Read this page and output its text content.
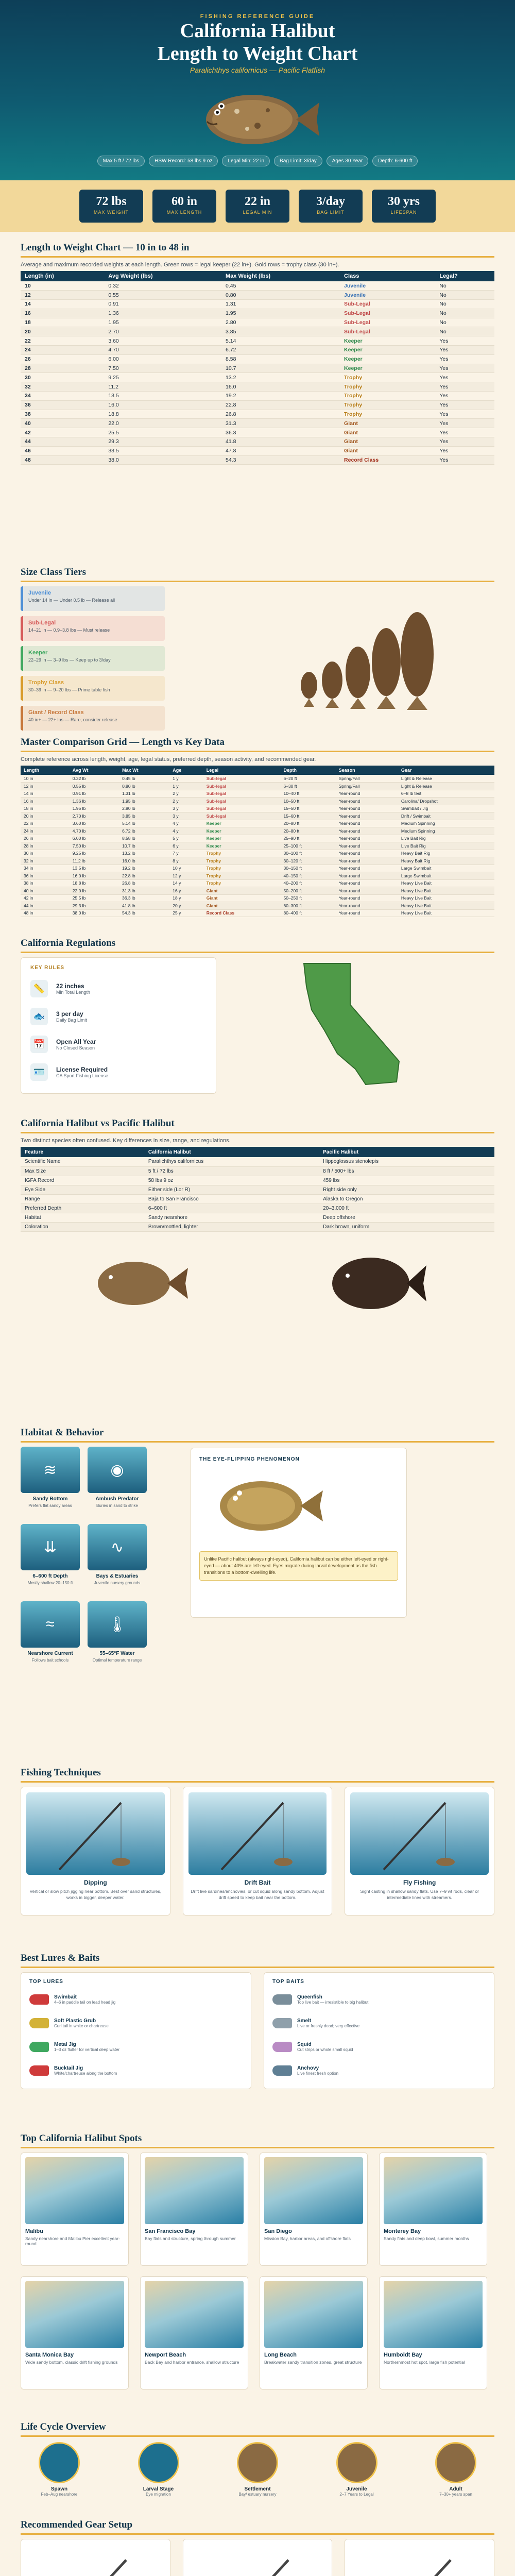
FISHING REFERENCE GUIDE
California Halibut
Length to Weight Chart
Paralichthys californicus — Pacific Flatfish
Max 5 ft / 72 lbs	HSW Record: 58 lbs 9 oz	Legal Min: 22 in	Bag Limit: 3/day	Ages 30 Year	Depth: 6-600 ft
72 lbs
MAX WEIGHT
60 in
MAX LENGTH
22 in
LEGAL MIN
3/day
BAG LIMIT
30 yrs
LIFESPAN
Length to Weight Chart — 10 in to 48 in
Average and maximum recorded weights at each length. Green rows = legal keeper (22 in+). Gold rows = trophy class (30 in+).
Length (in)	Avg Weight (lbs)	Max Weight (lbs)	Class	Legal?
10	0.32	0.45	Juvenile	No
12	0.55	0.80	Juvenile	No
14	0.91	1.31	Sub-Legal	No
16	1.36	1.95	Sub-Legal	No
18	1.95	2.80	Sub-Legal	No
20	2.70	3.85	Sub-Legal	No
22	3.60	5.14	Keeper	Yes
24	4.70	6.72	Keeper	Yes
26	6.00	8.58	Keeper	Yes
28	7.50	10.7	Keeper	Yes
30	9.25	13.2	Trophy	Yes
32	11.2	16.0	Trophy	Yes
34	13.5	19.2	Trophy	Yes
36	16.0	22.8	Trophy	Yes
38	18.8	26.8	Trophy	Yes
40	22.0	31.3	Giant	Yes
42	25.5	36.3	Giant	Yes
44	29.3	41.8	Giant	Yes
46	33.5	47.8	Giant	Yes
48	38.0	54.3	Record Class	Yes
Size Class Tiers
Juvenile
Under 14 in — Under 0.5 lb — Release all
Sub-Legal
14–21 in — 0.9–3.8 lbs — Must release
Keeper
22–29 in — 3–9 lbs — Keep up to 3/day
Trophy Class
30–39 in — 9–20 lbs — Prime table fish
Giant / Record Class
40 in+ — 22+ lbs — Rare; consider release
Master Comparison Grid — Length vs Key Data
Complete reference across length, weight, age, legal status, preferred depth, season activity, and recommended gear.
Length	Avg Wt	Max Wt	Age	Legal	Depth	Season	Gear
10 in	0.32 lb	0.45 lb	1 y	Sub-legal	6–20 ft	Spring/Fall	Light & Release
12 in	0.55 lb	0.80 lb	1 y	Sub-legal	6–30 ft	Spring/Fall	Light & Release
14 in	0.91 lb	1.31 lb	2 y	Sub-legal	10–40 ft	Year-round	6–8 lb test
16 in	1.36 lb	1.95 lb	2 y	Sub-legal	10–50 ft	Year-round	Carolina/ Dropshot
18 in	1.95 lb	2.80 lb	3 y	Sub-legal	15–50 ft	Year-round	Swimbait / Jig
20 in	2.70 lb	3.85 lb	3 y	Sub-legal	15–60 ft	Year-round	Drift / Swimbait
22 in	3.60 lb	5.14 lb	4 y	Keeper	20–80 ft	Year-round	Medium Spinning
24 in	4.70 lb	6.72 lb	4 y	Keeper	20–80 ft	Year-round	Medium Spinning
26 in	6.00 lb	8.58 lb	5 y	Keeper	25–90 ft	Year-round	Live Bait Rig
28 in	7.50 lb	10.7 lb	6 y	Keeper	25–100 ft	Year-round	Live Bait Rig
30 in	9.25 lb	13.2 lb	7 y	Trophy	30–100 ft	Year-round	Heavy Bait Rig
32 in	11.2 lb	16.0 lb	8 y	Trophy	30–120 ft	Year-round	Heavy Bait Rig
34 in	13.5 lb	19.2 lb	10 y	Trophy	30–150 ft	Year-round	Large Swimbait
36 in	16.0 lb	22.8 lb	12 y	Trophy	40–150 ft	Year-round	Large Swimbait
38 in	18.8 lb	26.8 lb	14 y	Trophy	40–200 ft	Year-round	Heavy Live Bait
40 in	22.0 lb	31.3 lb	16 y	Giant	50–200 ft	Year-round	Heavy Live Bait
42 in	25.5 lb	36.3 lb	18 y	Giant	50–250 ft	Year-round	Heavy Live Bait
44 in	29.3 lb	41.8 lb	20 y	Giant	60–300 ft	Year-round	Heavy Live Bait
48 in	38.0 lb	54.3 lb	25 y	Record Class	80–400 ft	Year-round	Heavy Live Bait
California Regulations
KEY RULES
📏	22 inches
Min Total Length
🐟	3 per day
Daily Bag Limit
📅	Open All Year
No Closed Season
🪪	License Required
CA Sport Fishing License
California Halibut vs Pacific Halibut
Two distinct species often confused. Key differences in size, range, and regulations.
Feature	California Halibut	Pacific Halibut
Scientific Name	Paralichthys californicus	Hippoglossus stenolepis
Max Size	5 ft / 72 lbs	8 ft / 500+ lbs
IGFA Record	58 lbs 9 oz	459 lbs
Eye Side	Either side (Lor R)	Right side only
Range	Baja to San Francisco	Alaska to Oregon
Preferred Depth	6–600 ft	20–3,000 ft
Habitat	Sandy nearshore	Deep offshore
Coloration	Brown/mottled, lighter	Dark brown, uniform
Habitat & Behavior
≋
Sandy Bottom
Prefers flat sandy areas
◉
Ambush Predator
Buries in sand to strike
⇊
6–600 ft Depth
Mostly shallow 20–150 ft
∿
Bays & Estuaries
Juvenile nursery grounds
≈
Nearshore Current
Follows bait schools
🌡
55–65°F Water
Optimal temperature range
THE EYE-FLIPPING PHENOMENON
Unlike Pacific halibut (always right-eyed), California halibut can be either left-eyed or right-eyed — about 40% are left-eyed. Eyes migrate during larval development as the fish transitions to a bottom-dwelling life.
Fishing Techniques
Dipping
Vertical or slow pitch jigging near bottom. Best over sand structures, works in bigger, deeper water.
Drift Bait
Drift live sardines/anchovies, or cut squid along sandy bottom. Adjust drift speed to keep bait near the bottom.
Fly Fishing
Sight casting in shallow sandy flats. Use 7–9 wt rods, clear or intermediate lines with streamers.
Best Lures & Baits
TOP LURES
Swimbait
4–6 in paddle tail on lead head jig
Soft Plastic Grub
Curl tail in white or chartreuse
Metal Jig
1–3 oz flutter for vertical deep water
Bucktail Jig
White/chartreuse along the bottom
TOP BAITS
Queenfish
Top live bait — irresistible to big halibut
Smelt
Live or freshly dead; very effective
Squid
Cut strips or whole small squid
Anchovy
Live finest fresh option
Top California Halibut Spots
Malibu
Sandy nearshore and Malibu Pier excellent year-round
San Francisco Bay
Bay flats and structure, spring through summer
San Diego
Mission Bay, harbor areas, and offshore flats
Monterey Bay
Sandy flats and deep bowl, summer months
Santa Monica Bay
Wide sandy bottom, classic drift fishing grounds
Newport Beach
Back Bay and harbor entrance, shallow structure
Long Beach
Breakwater sandy transition zones, great structure
Humboldt Bay
Northernmost hot spot, large fish potential
Life Cycle Overview
Spawn
Feb–Aug nearshore
Larval Stage
Eye migration
Settlement
Bay/ estuary nursery
Juvenile
2–7 Years to Legal
Adult
7–30+ years span
Recommended Gear Setup
